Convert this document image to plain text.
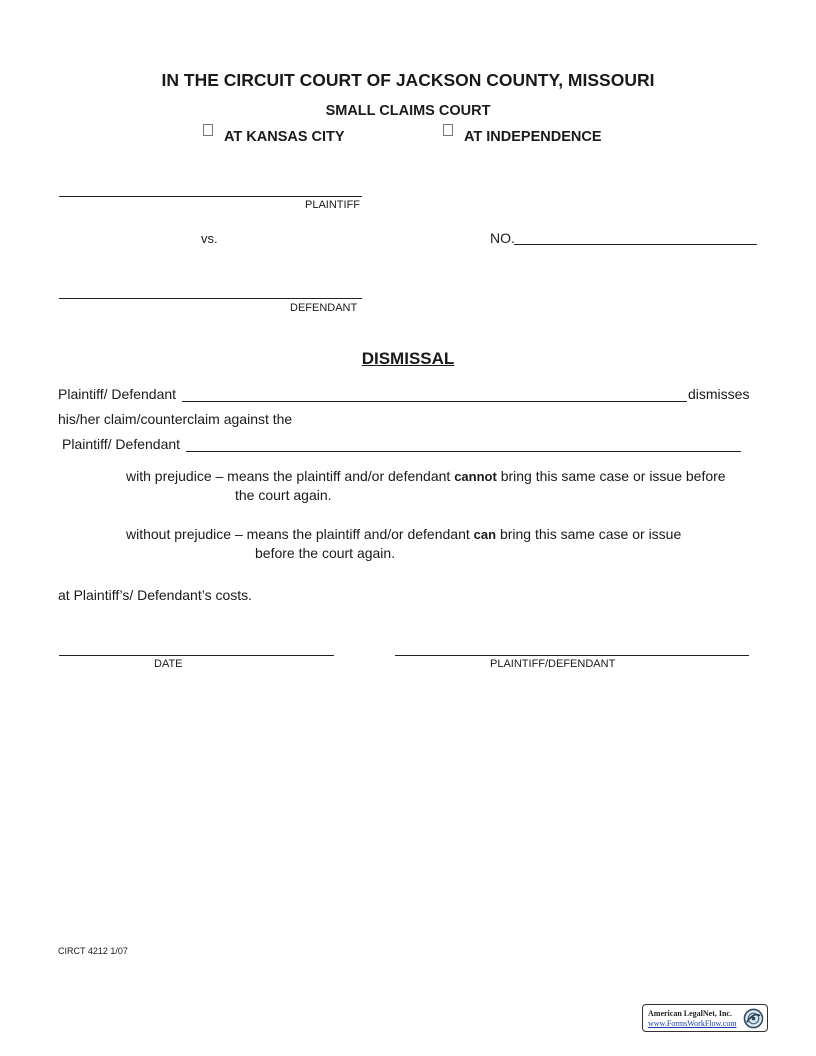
IN THE CIRCUIT COURT OF JACKSON COUNTY, MISSOURI
SMALL CLAIMS COURT
AT KANSAS CITY	AT INDEPENDENCE
PLAINTIFF
vs.	NO.
DEFENDANT
DISMISSAL
Plaintiff/ Defendant	dismisses
his/her claim/counterclaim against the
Plaintiff/ Defendant
with prejudice – means the plaintiff and/or defendant cannot bring this same case or issue before
the court again.
without prejudice – means the plaintiff and/or defendant can bring this same case or issue
before the court again.
at Plaintiff’s/ Defendant’s costs.
DATE	PLAINTIFF/DEFENDANT
CIRCT 4212 1/07
American LegalNet, Inc.
www.FormsWorkFlow.com
